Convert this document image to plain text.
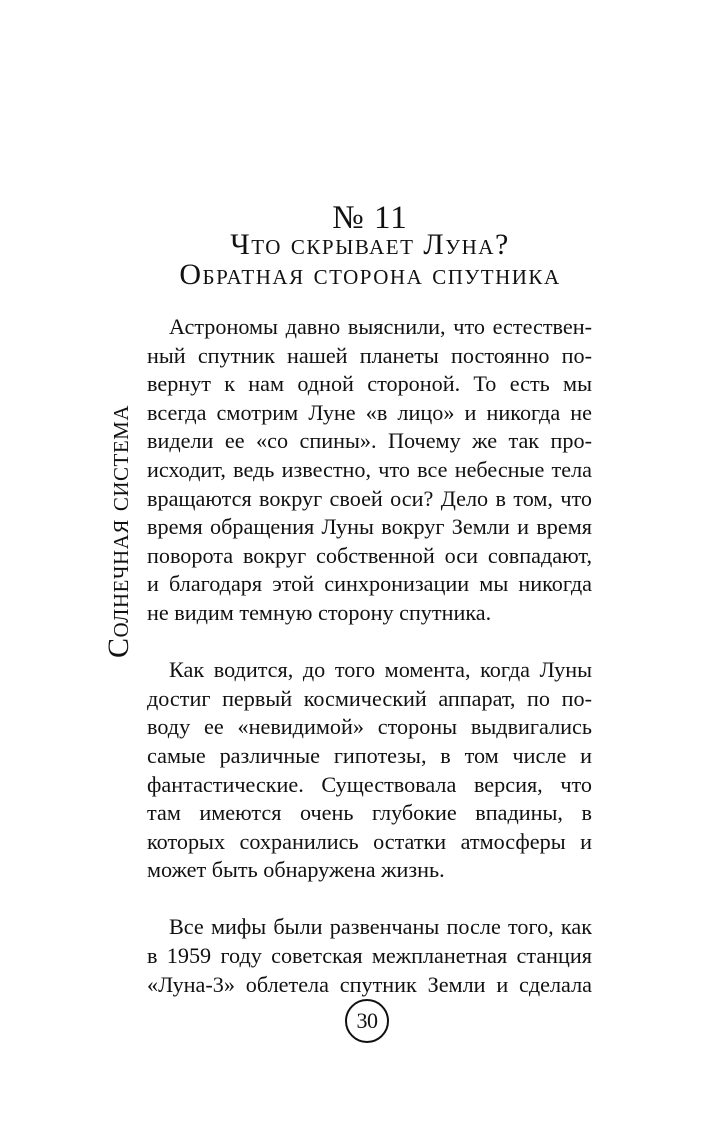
№ 11
Что скрывает Луна?
Обратная сторона спутника
Солнечная система

Астрономы давно выяснили, что естественный спутник нашей планеты постоянно повернут к нам одной стороной. То есть мы всегда смотрим Луне «в лицо» и никогда не видели ее «со спины». Почему же так происходит, ведь известно, что все небесные тела вращаются вокруг своей оси? Дело в том, что время обращения Луны вокруг Земли и время поворота вокруг собственной оси совпадают, и благодаря этой синхронизации мы никогда не видим темную сторону спутника.

Как водится, до того момента, когда Луны достиг первый космический аппарат, по поводу ее «невидимой» стороны выдвигались самые различные гипотезы, в том числе и фантастические. Существовала версия, что там имеются очень глубокие впадины, в которых сохранились остатки атмосферы и может быть обнаружена жизнь.

Все мифы были развенчаны после того, как в 1959 году советская межпланетная станция «Луна-3» облетела спутник Земли и сделала

30
